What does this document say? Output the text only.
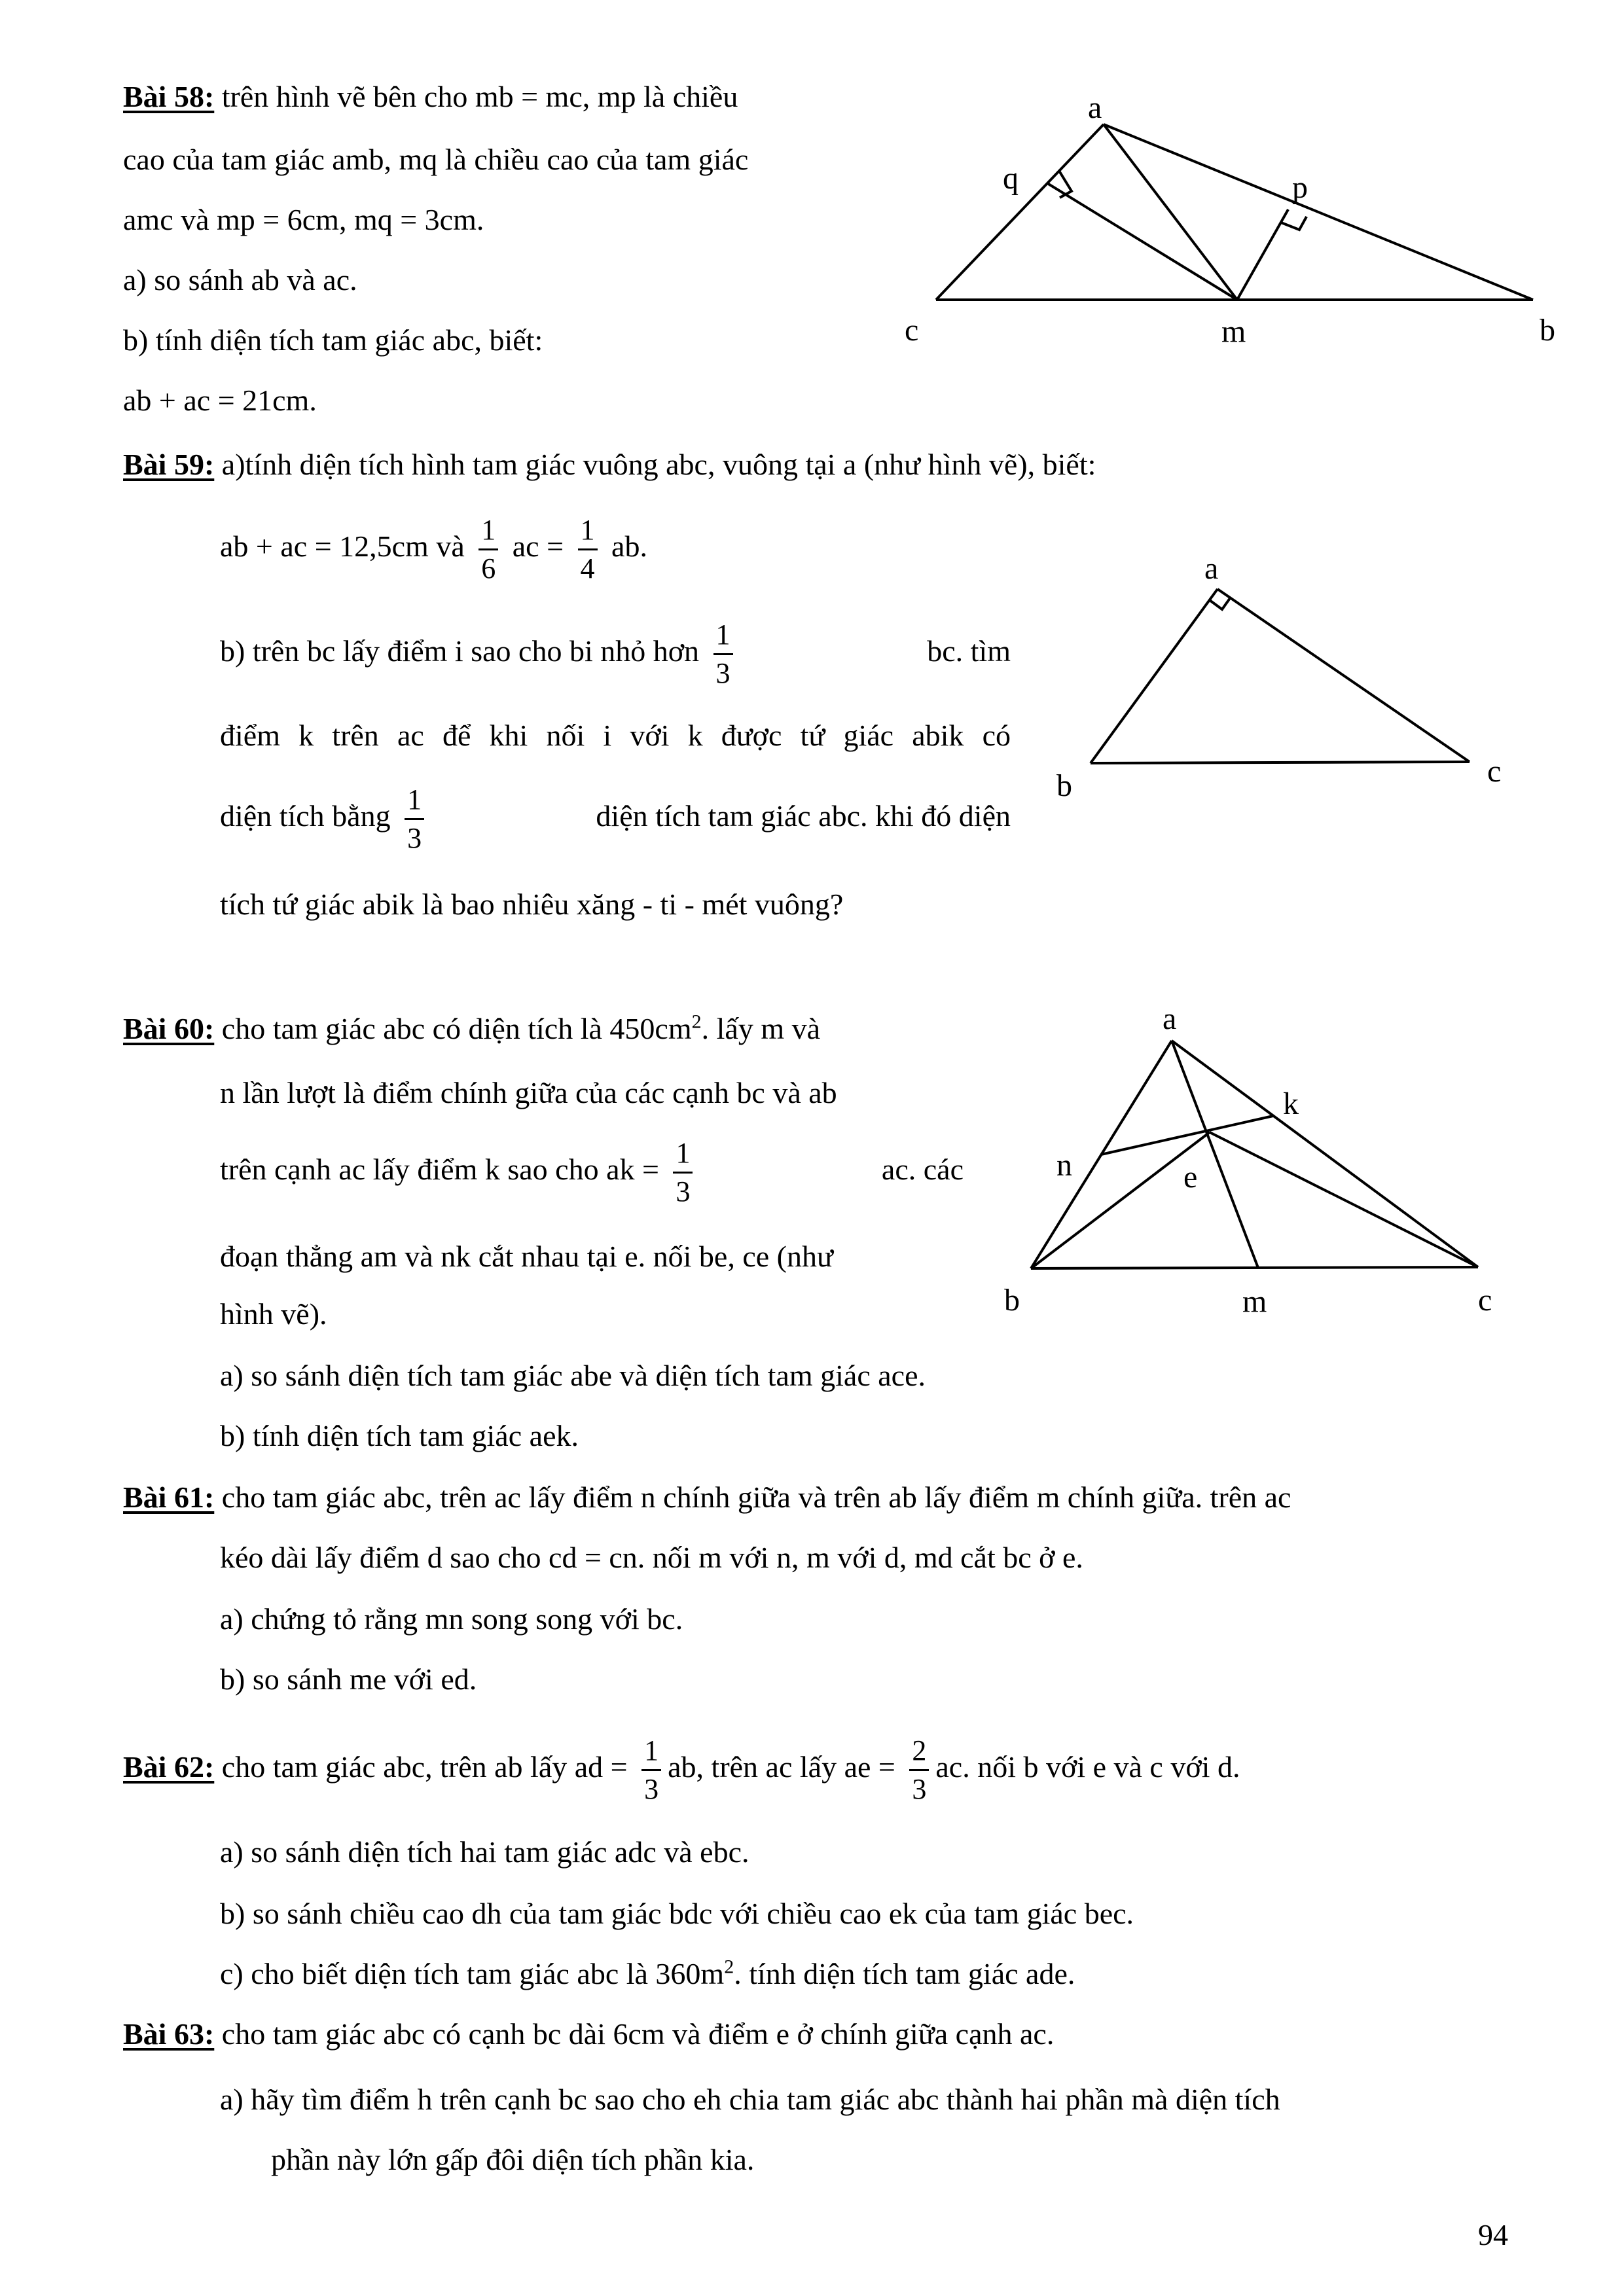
Bài 58: trên hình vẽ bên cho mb = mc, mp là chiều
cao của tam giác amb, mq là chiều cao của tam giác
amc và mp = 6cm, mq = 3cm.
a) so sánh ab và ac.
b) tính diện tích tam giác abc, biết:
ab + ac = 21cm.
a
q	p
c	m	b
Bài 59: a)tính diện tích hình tam giác vuông abc, vuông tại a (như hình vẽ), biết:
ab + ac = 12,5cm và $\frac{1}{6}$ ac = $\frac{1}{4}$ ab.
b) trên bc lấy điểm i sao cho bi nhỏ hơn $\frac{1}{3}$	bc. tìm
điểm k trên ac để khi nối i với k được tứ giác abik có
diện tích bằng $\frac{1}{3}$	diện tích tam giác abc. khi đó diện
tích tứ giác abik là bao nhiêu xăng - ti - mét vuông?
a
b	c
Bài 60: cho tam giác abc có diện tích là $450cm^2$. lấy m và
n lần lượt là điểm chính giữa của các cạnh bc và ab
trên cạnh ac lấy điểm k sao cho ak = $\frac{1}{3}$	ac. các
đoạn thẳng am và nk cắt nhau tại e. nối be, ce (như
hình vẽ).
a) so sánh diện tích tam giác abe và diện tích tam giác ace.
b) tính diện tích tam giác aek.
a
k
n	e
b	m	c
Bài 61: cho tam giác abc, trên ac lấy điểm n chính giữa và trên ab lấy điểm m chính giữa. trên ac
kéo dài lấy điểm d sao cho cd = cn. nối m với n, m với d, md cắt bc ở e.
a) chứng tỏ rằng mn song song với bc.
b) so sánh me với ed.
Bài 62: cho tam giác abc, trên ab lấy ad = $\frac{1}{3}$ ab, trên ac lấy ae = $\frac{2}{3}$ ac. nối b với e và c với d.
a) so sánh diện tích hai tam giác adc và ebc.
b) so sánh chiều cao dh của tam giác bdc với chiều cao ek của tam giác bec.
c) cho biết diện tích tam giác abc là $360m^2$. tính diện tích tam giác ade.
Bài 63: cho tam giác abc có cạnh bc dài 6cm và điểm e ở chính giữa cạnh ac.
a) hãy tìm điểm h trên cạnh bc sao cho eh chia tam giác abc thành hai phần mà diện tích
phần này lớn gấp đôi diện tích phần kia.
94
